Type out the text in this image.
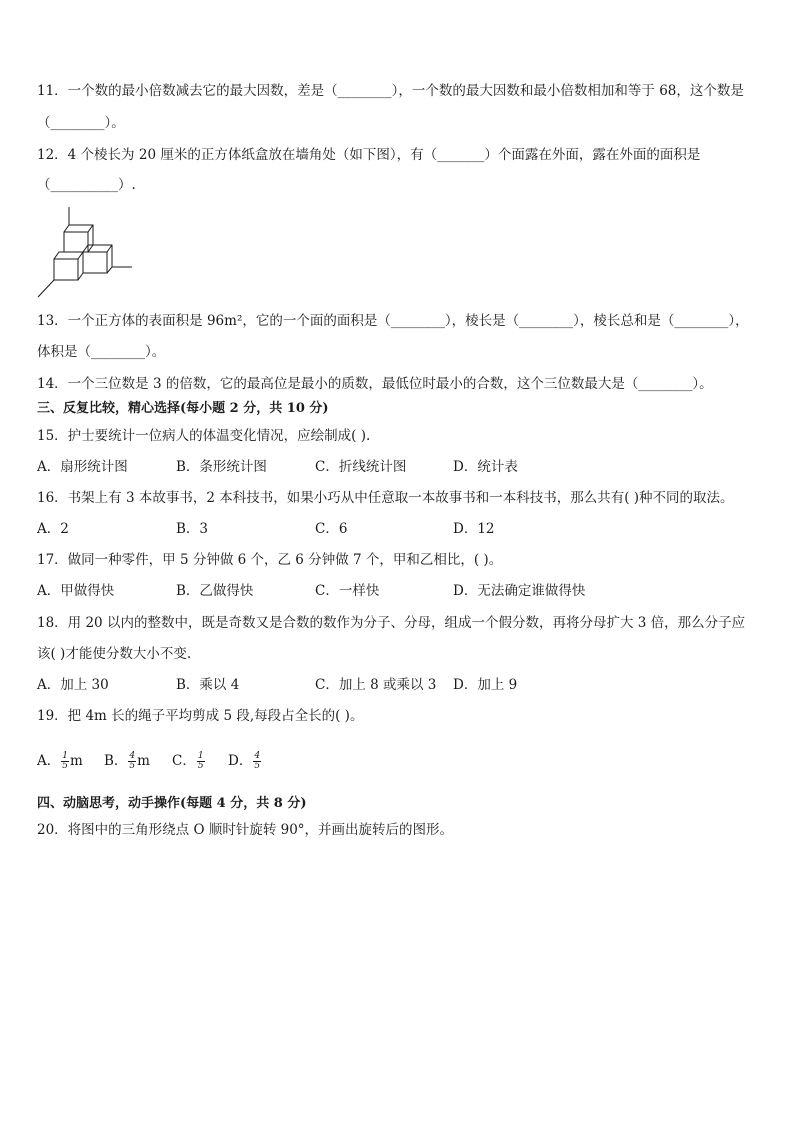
11．一个数的最小倍数减去它的最大因数，差是（________），一个数的最大因数和最小倍数相加和等于 68，这个数是
（________）。
12．4 个棱长为 20 厘米的正方体纸盒放在墙角处（如下图），有（_______）个面露在外面，露在外面的面积是
（__________）.
13．一个正方体的表面积是 96m²，它的一个面的面积是（________），棱长是（________），棱长总和是（________），
体积是（________）。
14．一个三位数是 3 的倍数，它的最高位是最小的质数，最低位时最小的合数，这个三位数最大是（________）。
三、反复比较，精心选择(每小题 2 分，共 10 分)
15．护士要统计一位病人的体温变化情况，应绘制成( ).
A．扇形统计图	B．条形统计图	C．折线统计图	D．统计表
16．书架上有 3 本故事书，2 本科技书，如果小巧从中任意取一本故事书和一本科技书，那么共有( )种不同的取法。
A．2	B．3	C．6	D．12
17．做同一种零件，甲 5 分钟做 6 个，乙 6 分钟做 7 个，甲和乙相比，( )。
A．甲做得快	B．乙做得快	C．一样快	D．无法确定谁做得快
18．用 20 以内的整数中，既是奇数又是合数的数作为分子、分母，组成一个假分数，再将分母扩大 3 倍，那么分子应
该( )才能使分数大小不变.
A．加上 30	B．乘以 4	C．加上 8 或乘以 3 D．加上 9
19．把 4m 长的绳子平均剪成 5 段,每段占全长的( )。
A． $\frac{1}{5}$ m B． $\frac{4}{5}$ m C． $\frac{1}{5}$ D． $\frac{4}{5}$
四、动脑思考，动手操作(每题 4 分，共 8 分)
20．将图中的三角形绕点 O 顺时针旋转 90°，并画出旋转后的图形。
